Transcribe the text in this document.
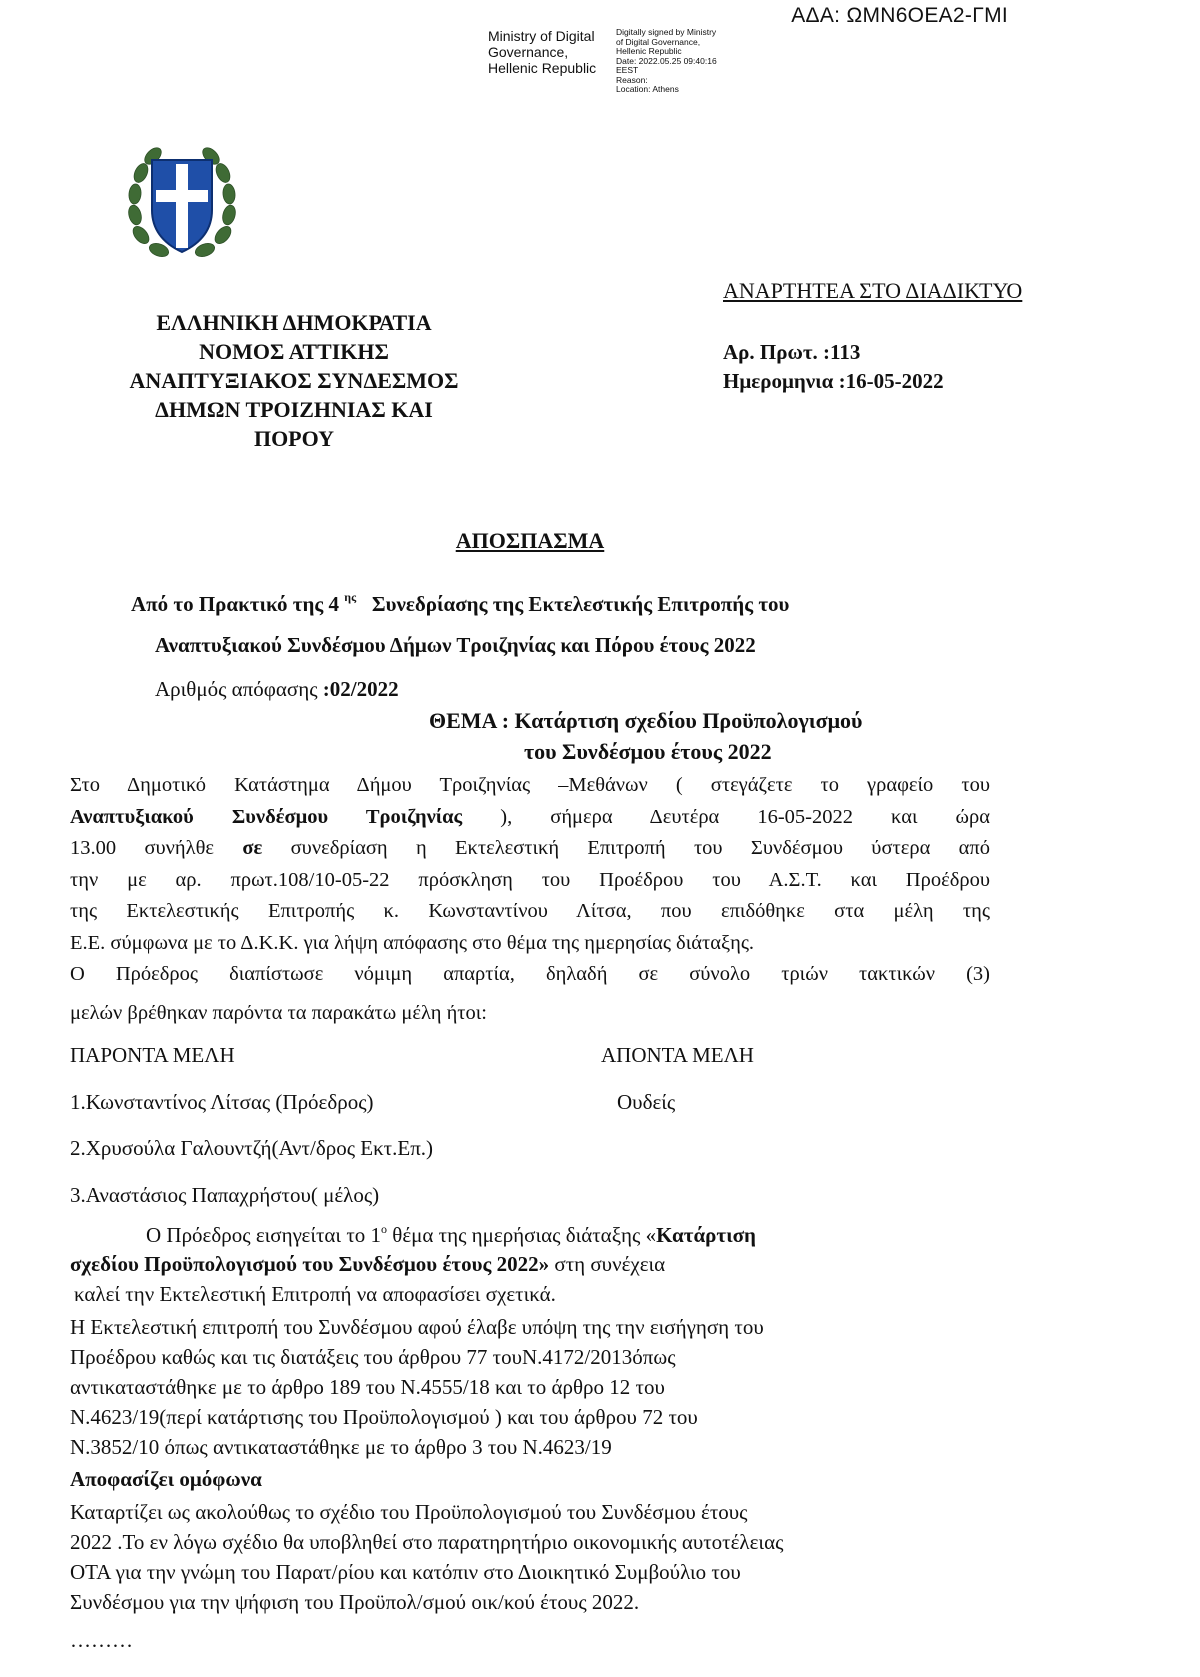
Ministry of Digital Governance, Hellenic Republic
Digitally signed by Ministry
of Digital Governance,
Hellenic Republic
Date: 2022.05.25 09:40:16
EEST
Reason:
Location: Athens
ΑΔΑ: ΩΜΝ6ΟΕΑ2-ΓΜΙ
ΕΛΛΗΝΙΚΗ ΔΗΜΟΚΡΑΤΙΑ
ΝΟΜΟΣ ΑΤΤΙΚΗΣ
ΑΝΑΠΤΥΞΙΑΚΟΣ ΣΥΝΔΕΣΜΟΣ
ΔΗΜΩΝ ΤΡΟΙΖΗΝΙΑΣ ΚΑΙ
ΠΟΡΟΥ
ΑΝΑΡΤΗΤΕΑ ΣΤΟ ΔΙΑΔΙΚΤΥΟ
Αρ. Πρωτ. :113
Ημερομηνια :16-05-2022
ΑΠΟΣΠΑΣΜΑ
Από το Πρακτικό της 4 $^{\eta\varsigma}$ Συνεδρίασης της Εκτελεστικής Επιτροπής του
Αναπτυξιακού Συνδέσμου Δήμων Τροιζηνίας και Πόρου έτους 2022
Αριθμός απόφασης :02/2022
ΘΕΜΑ : Κατάρτιση σχεδίου Προϋπολογισμού
του Συνδέσμου έτους 2022
Στο Δημοτικό Κατάστημα Δήμου Τροιζηνίας –Μεθάνων ( στεγάζετε το γραφείο του
Αναπτυξιακού Συνδέσμου Τροιζηνίας ), σήμερα Δευτέρα 16-05-2022 και ώρα
13.00 συνήλθε σε συνεδρίαση η Εκτελεστική Επιτροπή του Συνδέσμου ύστερα από
την με αρ. πρωτ.108/10-05-22 πρόσκληση του Προέδρου του Α.Σ.Τ. και Προέδρου
της Εκτελεστικής Επιτροπής κ. Κωνσταντίνου Λίτσα, που επιδόθηκε στα μέλη της
Ε.Ε. σύμφωνα με το Δ.Κ.Κ. για λήψη απόφασης στο θέμα της ημερησίας διάταξης.
Ο Πρόεδρος διαπίστωσε νόμιμη απαρτία, δηλαδή σε σύνολο τριών τακτικών (3)
μελών βρέθηκαν παρόντα τα παρακάτω μέλη ήτοι:
ΠΑΡΟΝΤΑ ΜΕΛΗ	ΑΠΟΝΤΑ ΜΕΛΗ
1.Κωνσταντίνος Λίτσας (Πρόεδρος)	Ουδείς
2.Χρυσούλα Γαλουντζή(Αντ/δρος Εκτ.Επ.)
3.Αναστάσιος Παπαχρήστου( μέλος)
Ο Πρόεδρος εισηγείται το $1^o$ θέμα της ημερήσιας διάταξης «Κατάρτιση
σχεδίου Προϋπολογισμού του Συνδέσμου έτους 2022» στη συνέχεια
καλεί την Εκτελεστική Επιτροπή να αποφασίσει σχετικά.
Η Εκτελεστική επιτροπή του Συνδέσμου αφού έλαβε υπόψη της την εισήγηση του
Προέδρου καθώς και τις διατάξεις του άρθρου 77 τουΝ.4172/2013όπως
αντικαταστάθηκε με το άρθρο 189 του Ν.4555/18 και το άρθρο 12 του
Ν.4623/19(περί κατάρτισης του Προϋπολογισμού ) και του άρθρου 72 του
Ν.3852/10 όπως αντικαταστάθηκε με το άρθρο 3 του Ν.4623/19
Αποφασίζει ομόφωνα
Καταρτίζει ως ακολούθως το σχέδιο του Προϋπολογισμού του Συνδέσμου έτους
2022 .Το εν λόγω σχέδιο θα υποβληθεί στο παρατηρητήριο οικονομικής αυτοτέλειας
ΟΤΑ για την γνώμη του Παρατ/ρίου και κατόπιν στο Διοικητικό Συμβούλιο του
Συνδέσμου για την ψήφιση του Προϋπολ/σμού οικ/κού έτους 2022.
………
